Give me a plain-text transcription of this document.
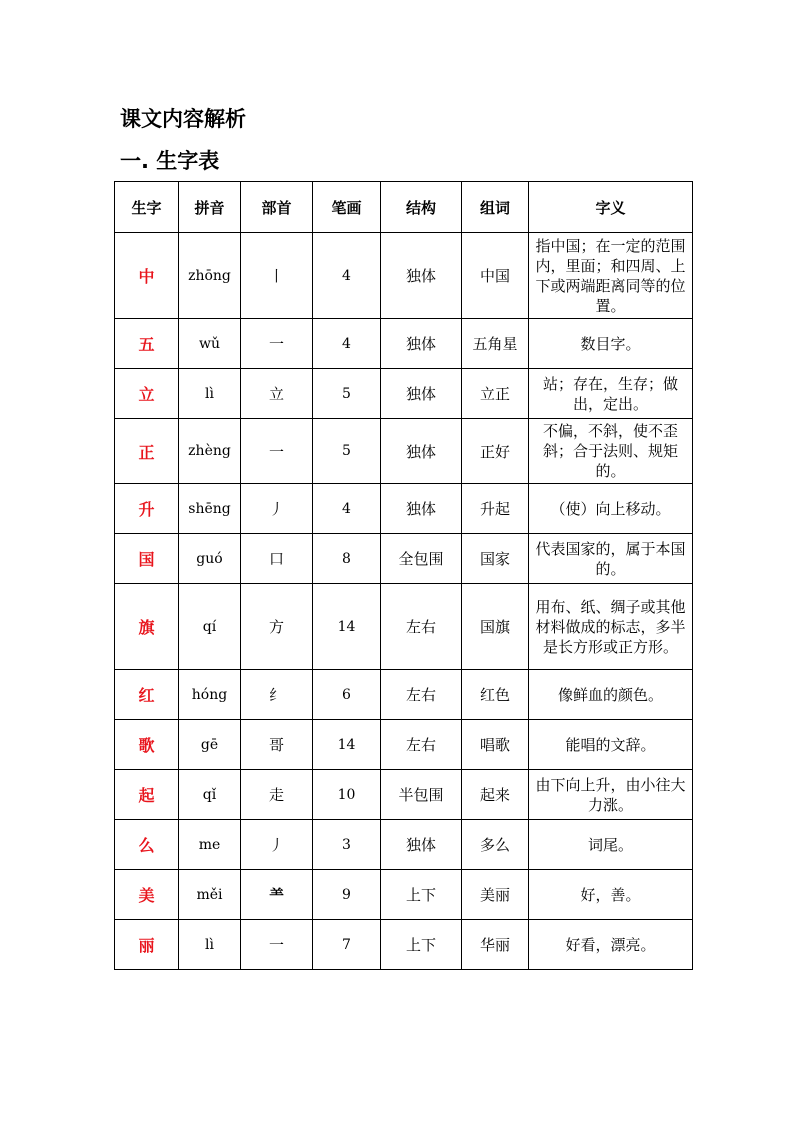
课文内容解析
一. 生字表
生字	拼音	部首	笔画	结构	组词	字义
中	zhōng	丨	4	独体	中国	指中国；在一定的范围内，里面；和四周、上下或两端距离同等的位置。
五	wǔ	一	4	独体	五角星	数目字。
立	lì	立	5	独体	立正	站；存在，生存；做出，定出。
正	zhèng	一	5	独体	正好	不偏，不斜，使不歪斜；合于法则、规矩的。
升	shēng	丿	4	独体	升起	（使）向上移动。
国	guó	口	8	全包围	国家	代表国家的，属于本国的。
旗	qí	方	14	左右	国旗	用布、纸、绸子或其他材料做成的标志，多半是长方形或正方形。
红	hóng	纟	6	左右	红色	像鲜血的颜色。
歌	gē	哥	14	左右	唱歌	能唱的文辞。
起	qǐ	走	10	半包围	起来	由下向上升，由小往大力涨。
么	me	丿	3	独体	多么	词尾。
美	měi	⺷	9	上下	美丽	好，善。
丽	lì	一	7	上下	华丽	好看，漂亮。
